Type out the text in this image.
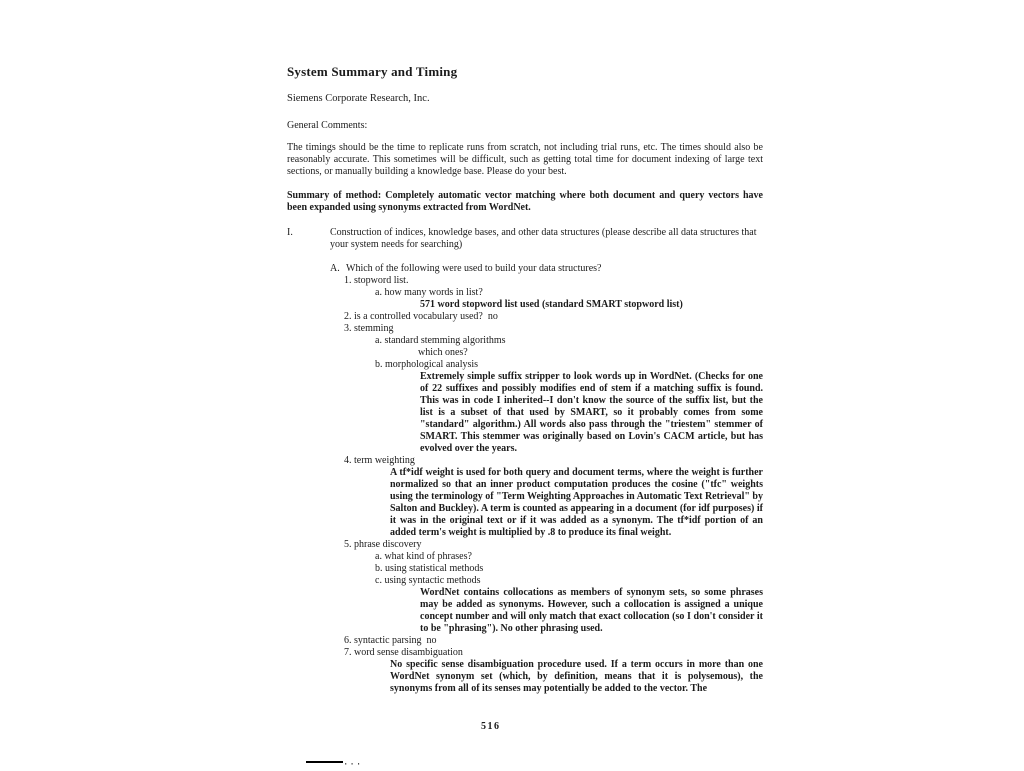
System Summary and Timing
Siemens Corporate Research, Inc.
General Comments:
The timings should be the time to replicate runs from scratch, not including trial runs, etc. The times should also be reasonably accurate. This sometimes will be difficult, such as getting total time for document indexing of large text sections, or manually building a knowledge base. Please do your best.
Summary of method: Completely automatic vector matching where both document and query vectors have been expanded using synonyms extracted from WordNet.
I.	Construction of indices, knowledge bases, and other data structures (please describe all data structures that your system needs for searching)
A. Which of the following were used to build your data structures?
1. stopword list.
a. how many words in list?
571 word stopword list used (standard SMART stopword list)
2. is a controlled vocabulary used?  no
3. stemming
a. standard stemming algorithms
which ones?
b. morphological analysis
Extremely simple suffix stripper to look words up in WordNet. (Checks for one of 22 suffixes and possibly modifies end of stem if a matching suffix is found. This was in code I inherited--I don't know the source of the suffix list, but the list is a subset of that used by SMART, so it probably comes from some "standard" algorithm.) All words also pass through the "triestem" stemmer of SMART. This stemmer was originally based on Lovin's CACM article, but has evolved over the years.
4. term weighting
A tf*idf weight is used for both query and document terms, where the weight is further normalized so that an inner product computation produces the cosine ("tfc" weights using the terminology of "Term Weighting Approaches in Automatic Text Retrieval" by Salton and Buckley). A term is counted as appearing in a document (for idf purposes) if it was in the original text or if it was added as a synonym. The tf*idf portion of an added term's weight is multiplied by .8 to produce its final weight.
5. phrase discovery
a. what kind of phrases?
b. using statistical methods
c. using syntactic methods
WordNet contains collocations as members of synonym sets, so some phrases may be added as synonyms. However, such a collocation is assigned a unique concept number and will only match that exact collocation (so I don't consider it to be "phrasing"). No other phrasing used.
6. syntactic parsing  no
7. word sense disambiguation
No specific sense disambiguation procedure used. If a term occurs in more than one WordNet synonym set (which, by definition, means that it is polysemous), the synonyms from all of its senses may potentially be added to the vector. The
516
...
